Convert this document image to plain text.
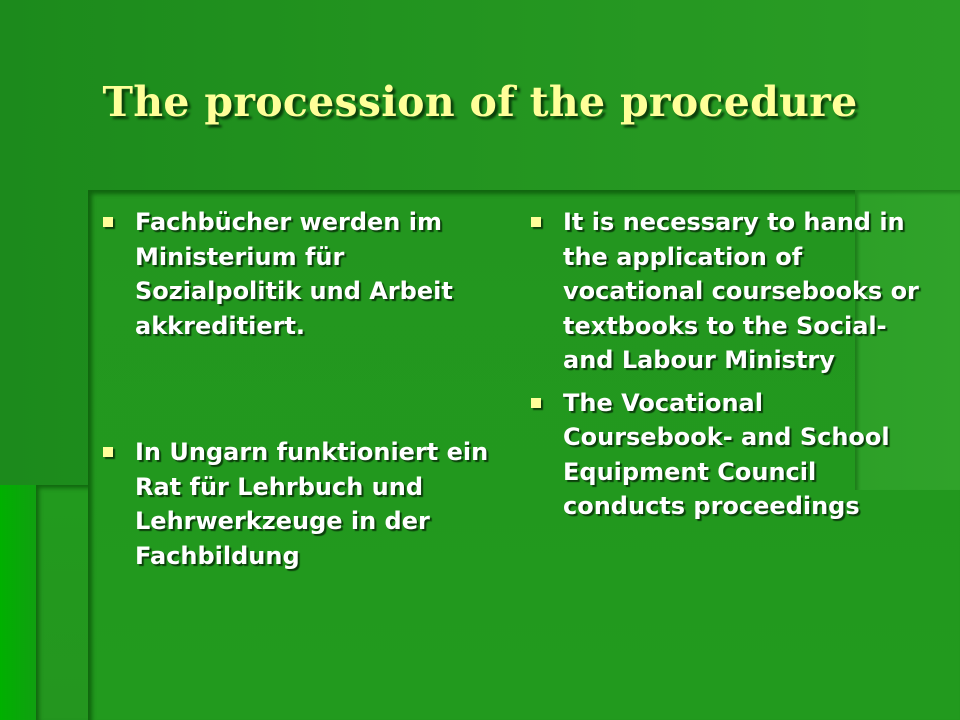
The procession of the procedure
Fachbücher werden im Ministerium für Sozialpolitik und Arbeit akkreditiert.
In Ungarn funktioniert ein Rat für Lehrbuch und Lehrwerkzeuge in der Fachbildung
It is necessary to hand in the application of vocational coursebooks or textbooks to the Social- and Labour Ministry
The Vocational Coursebook- and School Equipment Council conducts proceedings
